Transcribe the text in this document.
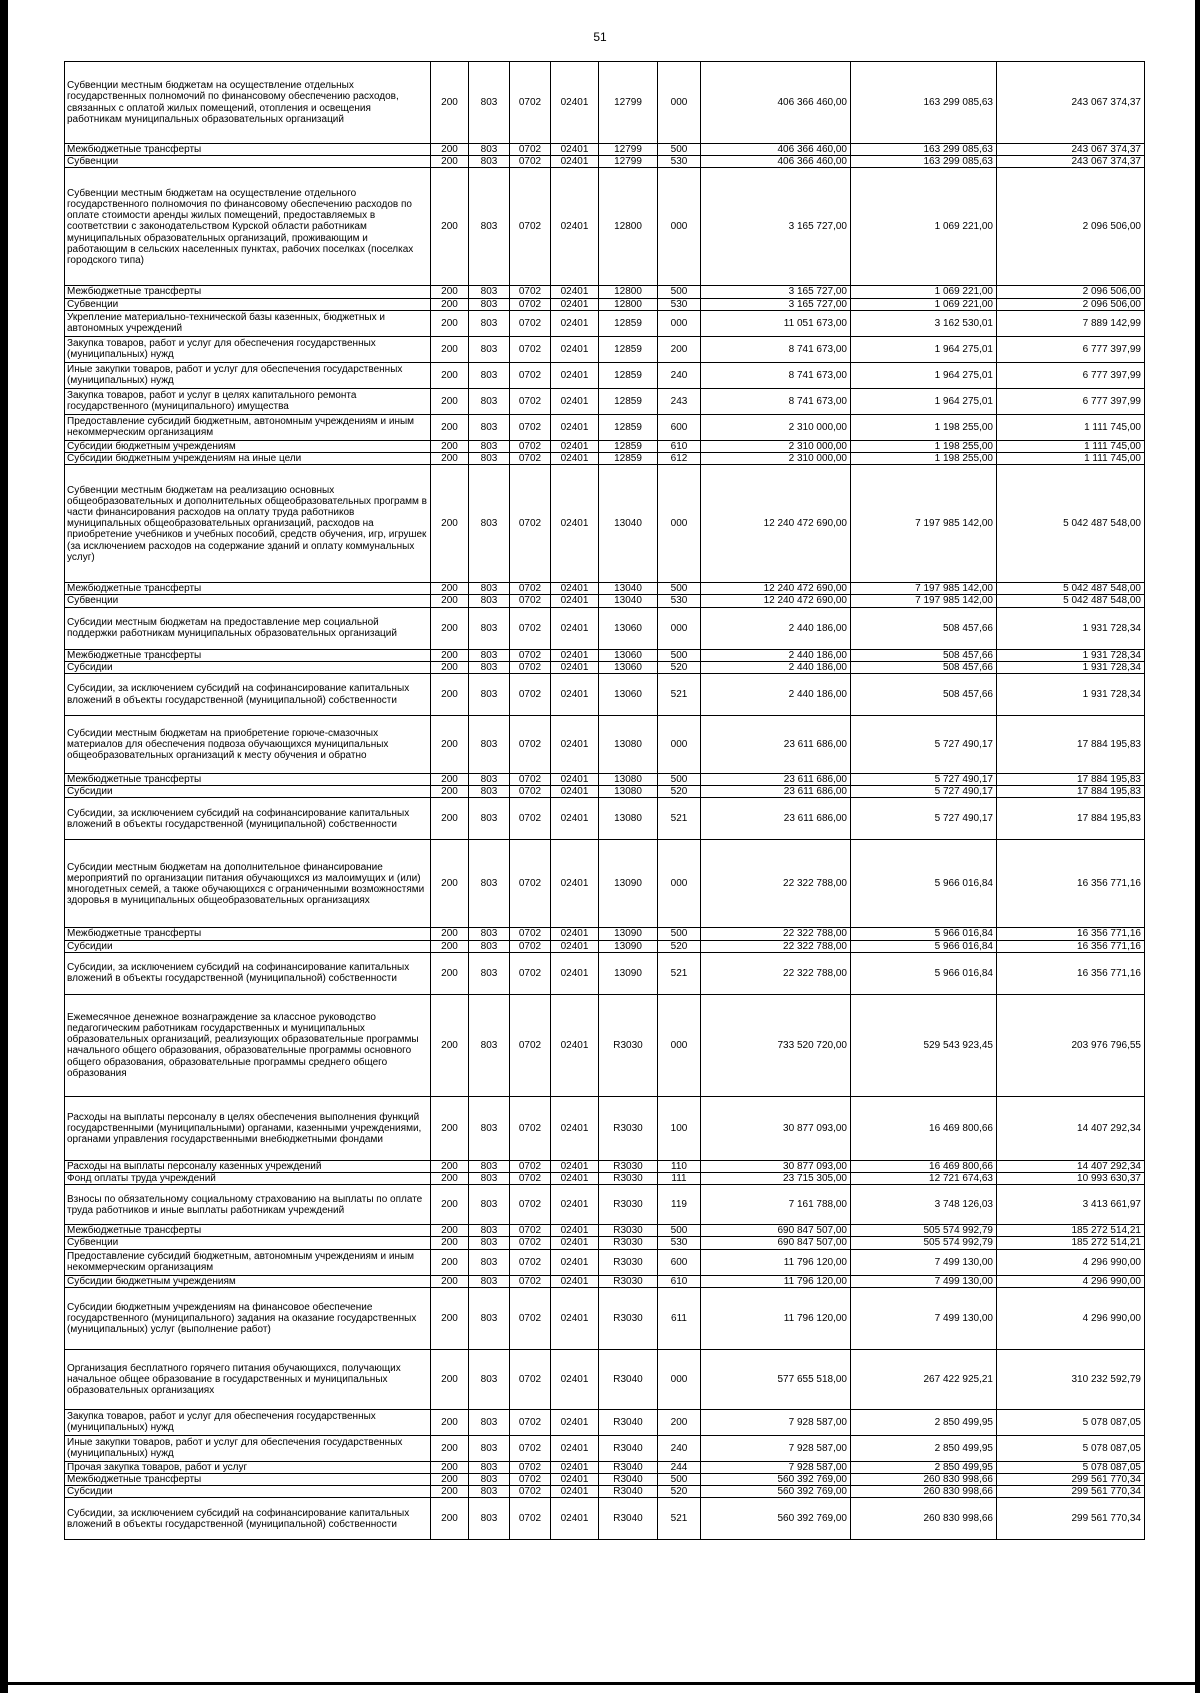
51
Субвенции местным бюджетам на осуществление отдельных государственных полномочий по финансовому обеспечению расходов, связанных с оплатой жилых помещений, отопления и освещения работникам муниципальных образовательных организаций	200	803	0702	02401	12799	000	406 366 460,00	163 299 085,63	243 067 374,37
Межбюджетные трансферты	200	803	0702	02401	12799	500	406 366 460,00	163 299 085,63	243 067 374,37
Субвенции	200	803	0702	02401	12799	530	406 366 460,00	163 299 085,63	243 067 374,37
Субвенции местным бюджетам на осуществление отдельного государственного полномочия по финансовому обеспечению расходов по оплате стоимости аренды жилых помещений, предоставляемых в соответствии с законодательством Курской области работникам муниципальных образовательных организаций, проживающим и работающим в сельских населенных пунктах, рабочих поселках (поселках городского типа)	200	803	0702	02401	12800	000	3 165 727,00	1 069 221,00	2 096 506,00
Межбюджетные трансферты	200	803	0702	02401	12800	500	3 165 727,00	1 069 221,00	2 096 506,00
Субвенции	200	803	0702	02401	12800	530	3 165 727,00	1 069 221,00	2 096 506,00
Укрепление материально-технической базы казенных, бюджетных и автономных учреждений	200	803	0702	02401	12859	000	11 051 673,00	3 162 530,01	7 889 142,99
Закупка товаров, работ и услуг для обеспечения государственных (муниципальных) нужд	200	803	0702	02401	12859	200	8 741 673,00	1 964 275,01	6 777 397,99
Иные закупки товаров, работ и услуг для обеспечения государственных (муниципальных) нужд	200	803	0702	02401	12859	240	8 741 673,00	1 964 275,01	6 777 397,99
Закупка товаров, работ и услуг в целях капитального ремонта государственного (муниципального) имущества	200	803	0702	02401	12859	243	8 741 673,00	1 964 275,01	6 777 397,99
Предоставление субсидий бюджетным, автономным учреждениям и иным некоммерческим организациям	200	803	0702	02401	12859	600	2 310 000,00	1 198 255,00	1 111 745,00
Субсидии бюджетным учреждениям	200	803	0702	02401	12859	610	2 310 000,00	1 198 255,00	1 111 745,00
Субсидии бюджетным учреждениям на иные цели	200	803	0702	02401	12859	612	2 310 000,00	1 198 255,00	1 111 745,00
Субвенции местным бюджетам на реализацию основных общеобразовательных и дополнительных общеобразовательных программ в части финансирования расходов на оплату труда работников муниципальных общеобразовательных организаций, расходов на приобретение учебников и учебных пособий, средств обучения, игр, игрушек (за исключением расходов на содержание зданий и оплату коммунальных услуг)	200	803	0702	02401	13040	000	12 240 472 690,00	7 197 985 142,00	5 042 487 548,00
Межбюджетные трансферты	200	803	0702	02401	13040	500	12 240 472 690,00	7 197 985 142,00	5 042 487 548,00
Субвенции	200	803	0702	02401	13040	530	12 240 472 690,00	7 197 985 142,00	5 042 487 548,00
Субсидии местным бюджетам на предоставление мер социальной поддержки работникам муниципальных образовательных организаций	200	803	0702	02401	13060	000	2 440 186,00	508 457,66	1 931 728,34
Межбюджетные трансферты	200	803	0702	02401	13060	500	2 440 186,00	508 457,66	1 931 728,34
Субсидии	200	803	0702	02401	13060	520	2 440 186,00	508 457,66	1 931 728,34
Субсидии, за исключением субсидий на софинансирование капитальных вложений в объекты государственной (муниципальной) собственности	200	803	0702	02401	13060	521	2 440 186,00	508 457,66	1 931 728,34
Субсидии местным бюджетам на приобретение горюче-смазочных материалов для обеспечения подвоза обучающихся муниципальных общеобразовательных организаций к месту обучения и обратно	200	803	0702	02401	13080	000	23 611 686,00	5 727 490,17	17 884 195,83
Межбюджетные трансферты	200	803	0702	02401	13080	500	23 611 686,00	5 727 490,17	17 884 195,83
Субсидии	200	803	0702	02401	13080	520	23 611 686,00	5 727 490,17	17 884 195,83
Субсидии, за исключением субсидий на софинансирование капитальных вложений в объекты государственной (муниципальной) собственности	200	803	0702	02401	13080	521	23 611 686,00	5 727 490,17	17 884 195,83
Субсидии местным бюджетам на дополнительное финансирование мероприятий по организации питания обучающихся из малоимущих и (или) многодетных семей, а также обучающихся с ограниченными возможностями здоровья в муниципальных общеобразовательных организациях	200	803	0702	02401	13090	000	22 322 788,00	5 966 016,84	16 356 771,16
Межбюджетные трансферты	200	803	0702	02401	13090	500	22 322 788,00	5 966 016,84	16 356 771,16
Субсидии	200	803	0702	02401	13090	520	22 322 788,00	5 966 016,84	16 356 771,16
Субсидии, за исключением субсидий на софинансирование капитальных вложений в объекты государственной (муниципальной) собственности	200	803	0702	02401	13090	521	22 322 788,00	5 966 016,84	16 356 771,16
Ежемесячное денежное вознаграждение за классное руководство педагогическим работникам государственных и муниципальных образовательных организаций, реализующих образовательные программы начального общего образования, образовательные программы основного общего образования, образовательные программы среднего общего образования	200	803	0702	02401	R3030	000	733 520 720,00	529 543 923,45	203 976 796,55
Расходы на выплаты персоналу в целях обеспечения выполнения функций государственными (муниципальными) органами, казенными учреждениями, органами управления государственными внебюджетными фондами	200	803	0702	02401	R3030	100	30 877 093,00	16 469 800,66	14 407 292,34
Расходы на выплаты персоналу казенных учреждений	200	803	0702	02401	R3030	110	30 877 093,00	16 469 800,66	14 407 292,34
Фонд оплаты труда учреждений	200	803	0702	02401	R3030	111	23 715 305,00	12 721 674,63	10 993 630,37
Взносы по обязательному социальному страхованию на выплаты по оплате труда работников и иные выплаты работникам учреждений	200	803	0702	02401	R3030	119	7 161 788,00	3 748 126,03	3 413 661,97
Межбюджетные трансферты	200	803	0702	02401	R3030	500	690 847 507,00	505 574 992,79	185 272 514,21
Субвенции	200	803	0702	02401	R3030	530	690 847 507,00	505 574 992,79	185 272 514,21
Предоставление субсидий бюджетным, автономным учреждениям и иным некоммерческим организациям	200	803	0702	02401	R3030	600	11 796 120,00	7 499 130,00	4 296 990,00
Субсидии бюджетным учреждениям	200	803	0702	02401	R3030	610	11 796 120,00	7 499 130,00	4 296 990,00
Субсидии бюджетным учреждениям на финансовое обеспечение государственного (муниципального) задания на оказание государственных (муниципальных) услуг (выполнение работ)	200	803	0702	02401	R3030	611	11 796 120,00	7 499 130,00	4 296 990,00
Организация бесплатного горячего питания обучающихся, получающих начальное общее образование в государственных и муниципальных образовательных организациях	200	803	0702	02401	R3040	000	577 655 518,00	267 422 925,21	310 232 592,79
Закупка товаров, работ и услуг для обеспечения государственных (муниципальных) нужд	200	803	0702	02401	R3040	200	7 928 587,00	2 850 499,95	5 078 087,05
Иные закупки товаров, работ и услуг для обеспечения государственных (муниципальных) нужд	200	803	0702	02401	R3040	240	7 928 587,00	2 850 499,95	5 078 087,05
Прочая закупка товаров, работ и услуг	200	803	0702	02401	R3040	244	7 928 587,00	2 850 499,95	5 078 087,05
Межбюджетные трансферты	200	803	0702	02401	R3040	500	560 392 769,00	260 830 998,66	299 561 770,34
Субсидии	200	803	0702	02401	R3040	520	560 392 769,00	260 830 998,66	299 561 770,34
Субсидии, за исключением субсидий на софинансирование капитальных вложений в объекты государственной (муниципальной) собственности	200	803	0702	02401	R3040	521	560 392 769,00	260 830 998,66	299 561 770,34
